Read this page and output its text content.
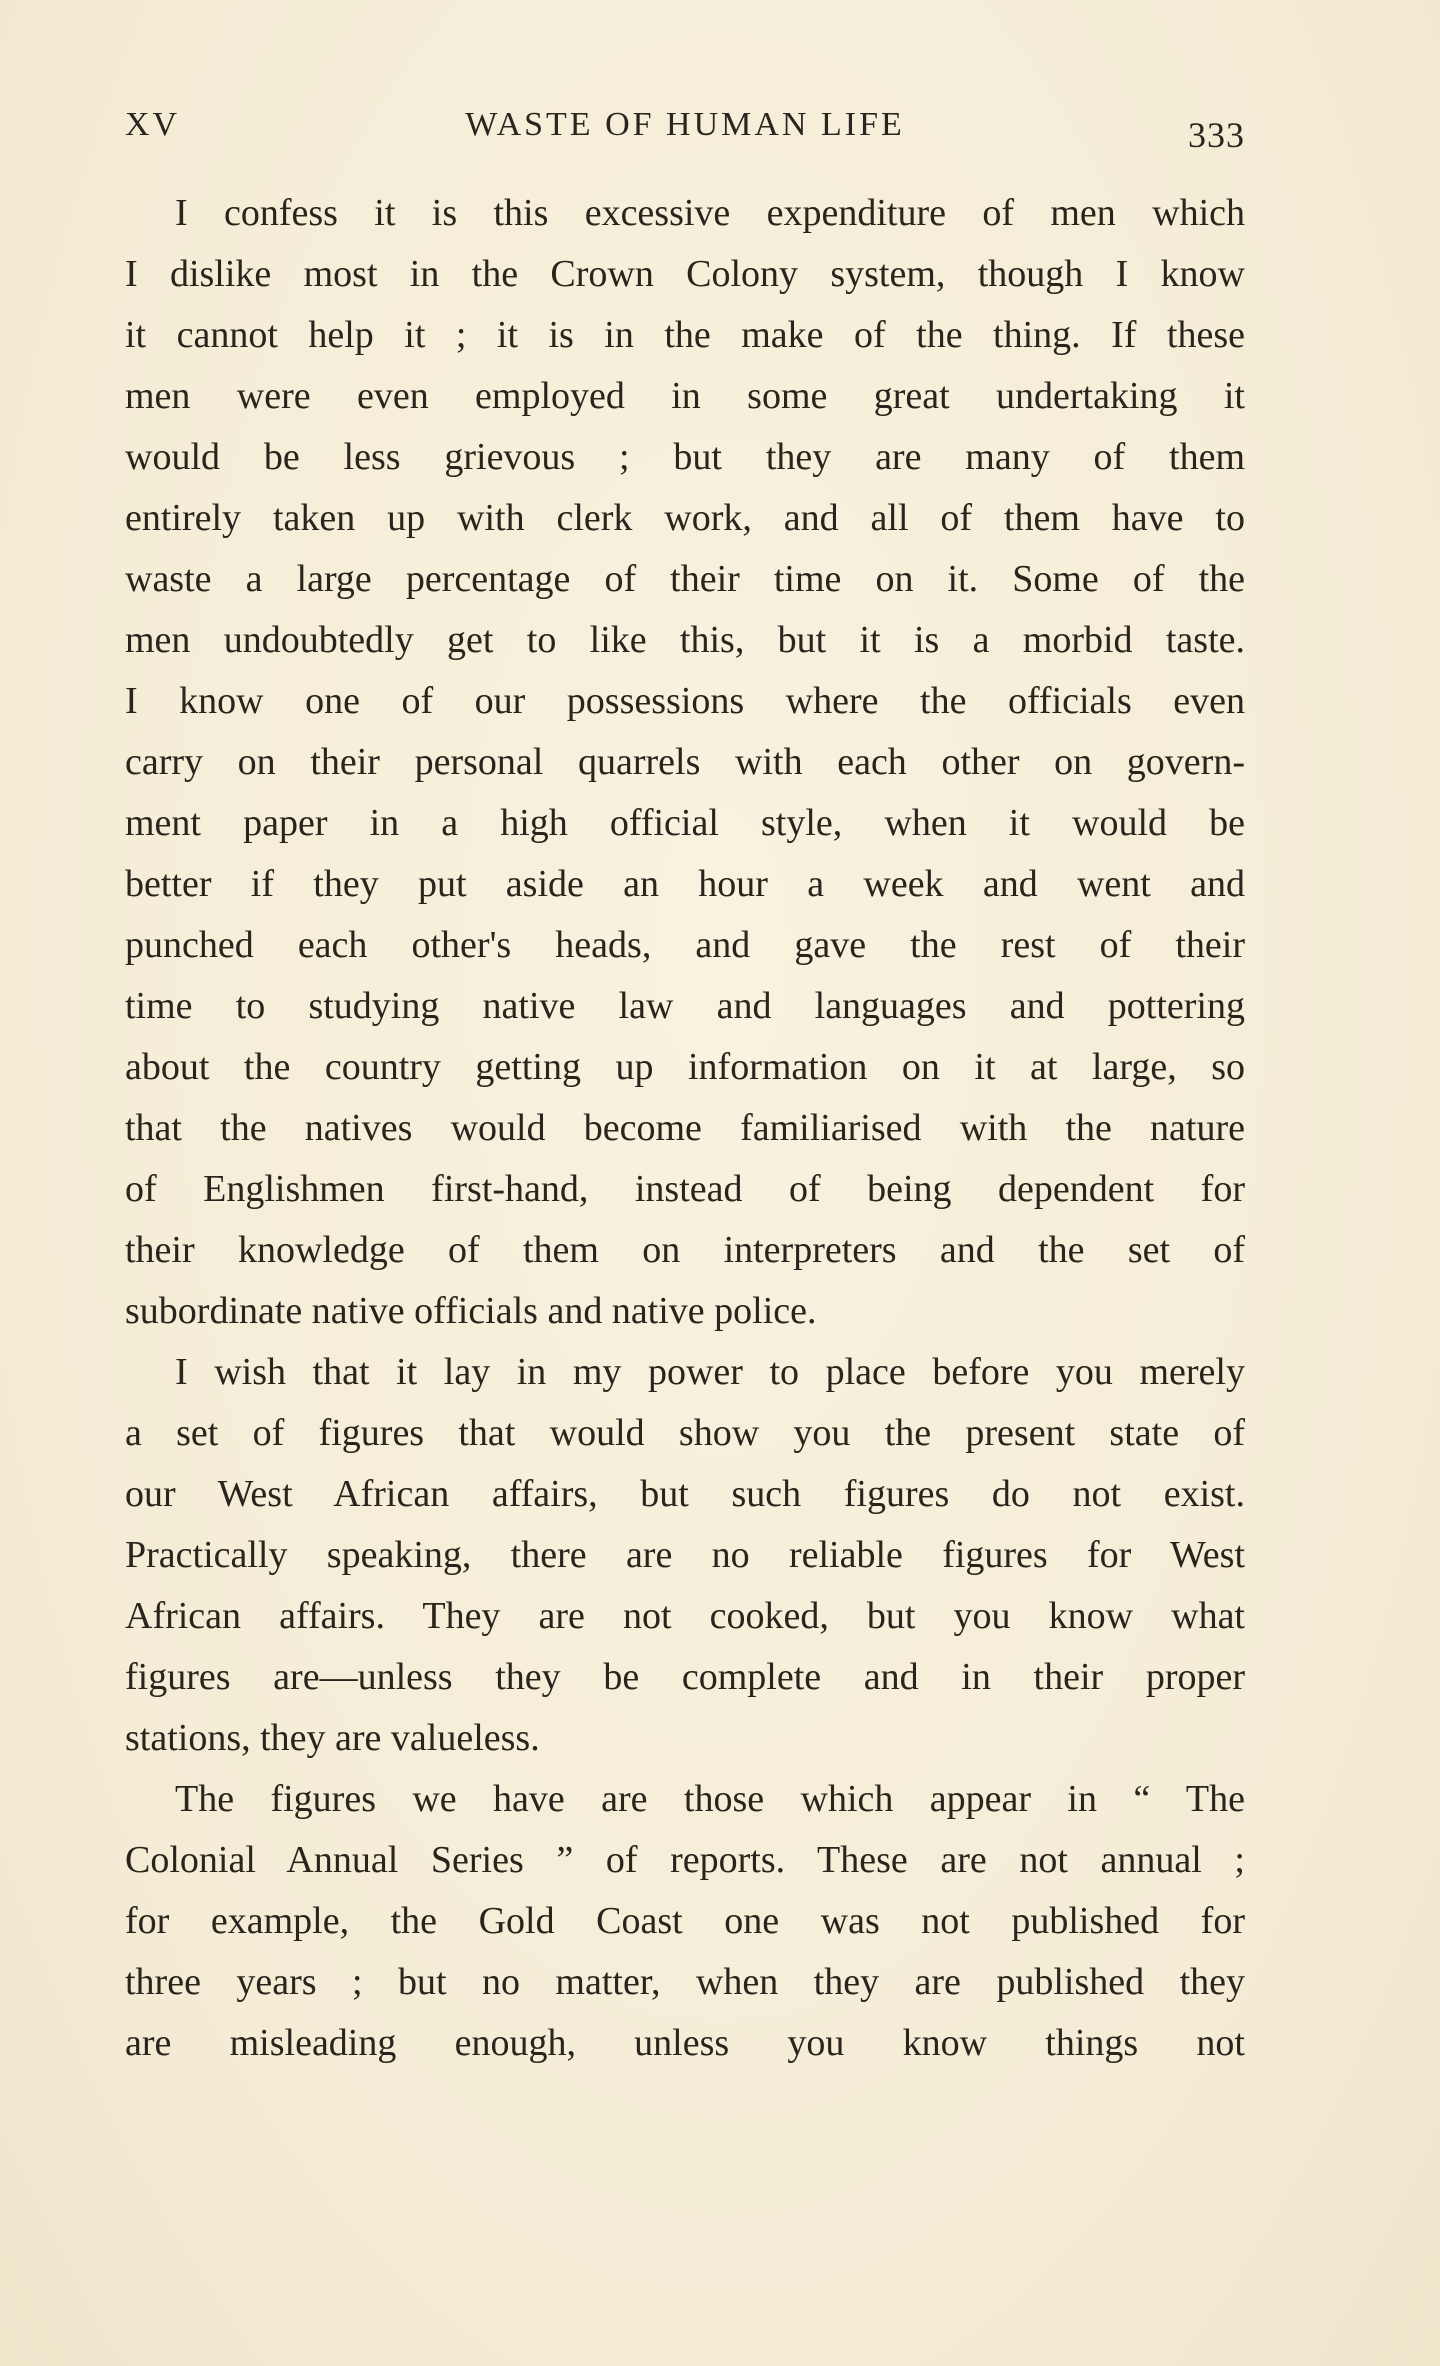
XV	WASTE OF HUMAN LIFE	333
I confess it is this excessive expenditure of men which
I dislike most in the Crown Colony system, though I know
it cannot help it ; it is in the make of the thing. If these
men were even employed in some great undertaking it
would be less grievous ; but they are many of them
entirely taken up with clerk work, and all of them have to
waste a large percentage of their time on it. Some of the
men undoubtedly get to like this, but it is a morbid taste.
I know one of our possessions where the officials even
carry on their personal quarrels with each other on govern-
ment paper in a high official style, when it would be
better if they put aside an hour a week and went and
punched each other's heads, and gave the rest of their
time to studying native law and languages and pottering
about the country getting up information on it at large, so
that the natives would become familiarised with the nature
of Englishmen first-hand, instead of being dependent for
their knowledge of them on interpreters and the set of
subordinate native officials and native police.
I wish that it lay in my power to place before you merely
a set of figures that would show you the present state of
our West African affairs, but such figures do not exist.
Practically speaking, there are no reliable figures for West
African affairs. They are not cooked, but you know what
figures are—unless they be complete and in their proper
stations, they are valueless.
The figures we have are those which appear in “ The
Colonial Annual Series ” of reports. These are not annual ;
for example, the Gold Coast one was not published for
three years ; but no matter, when they are published they
are misleading enough, unless you know things not
